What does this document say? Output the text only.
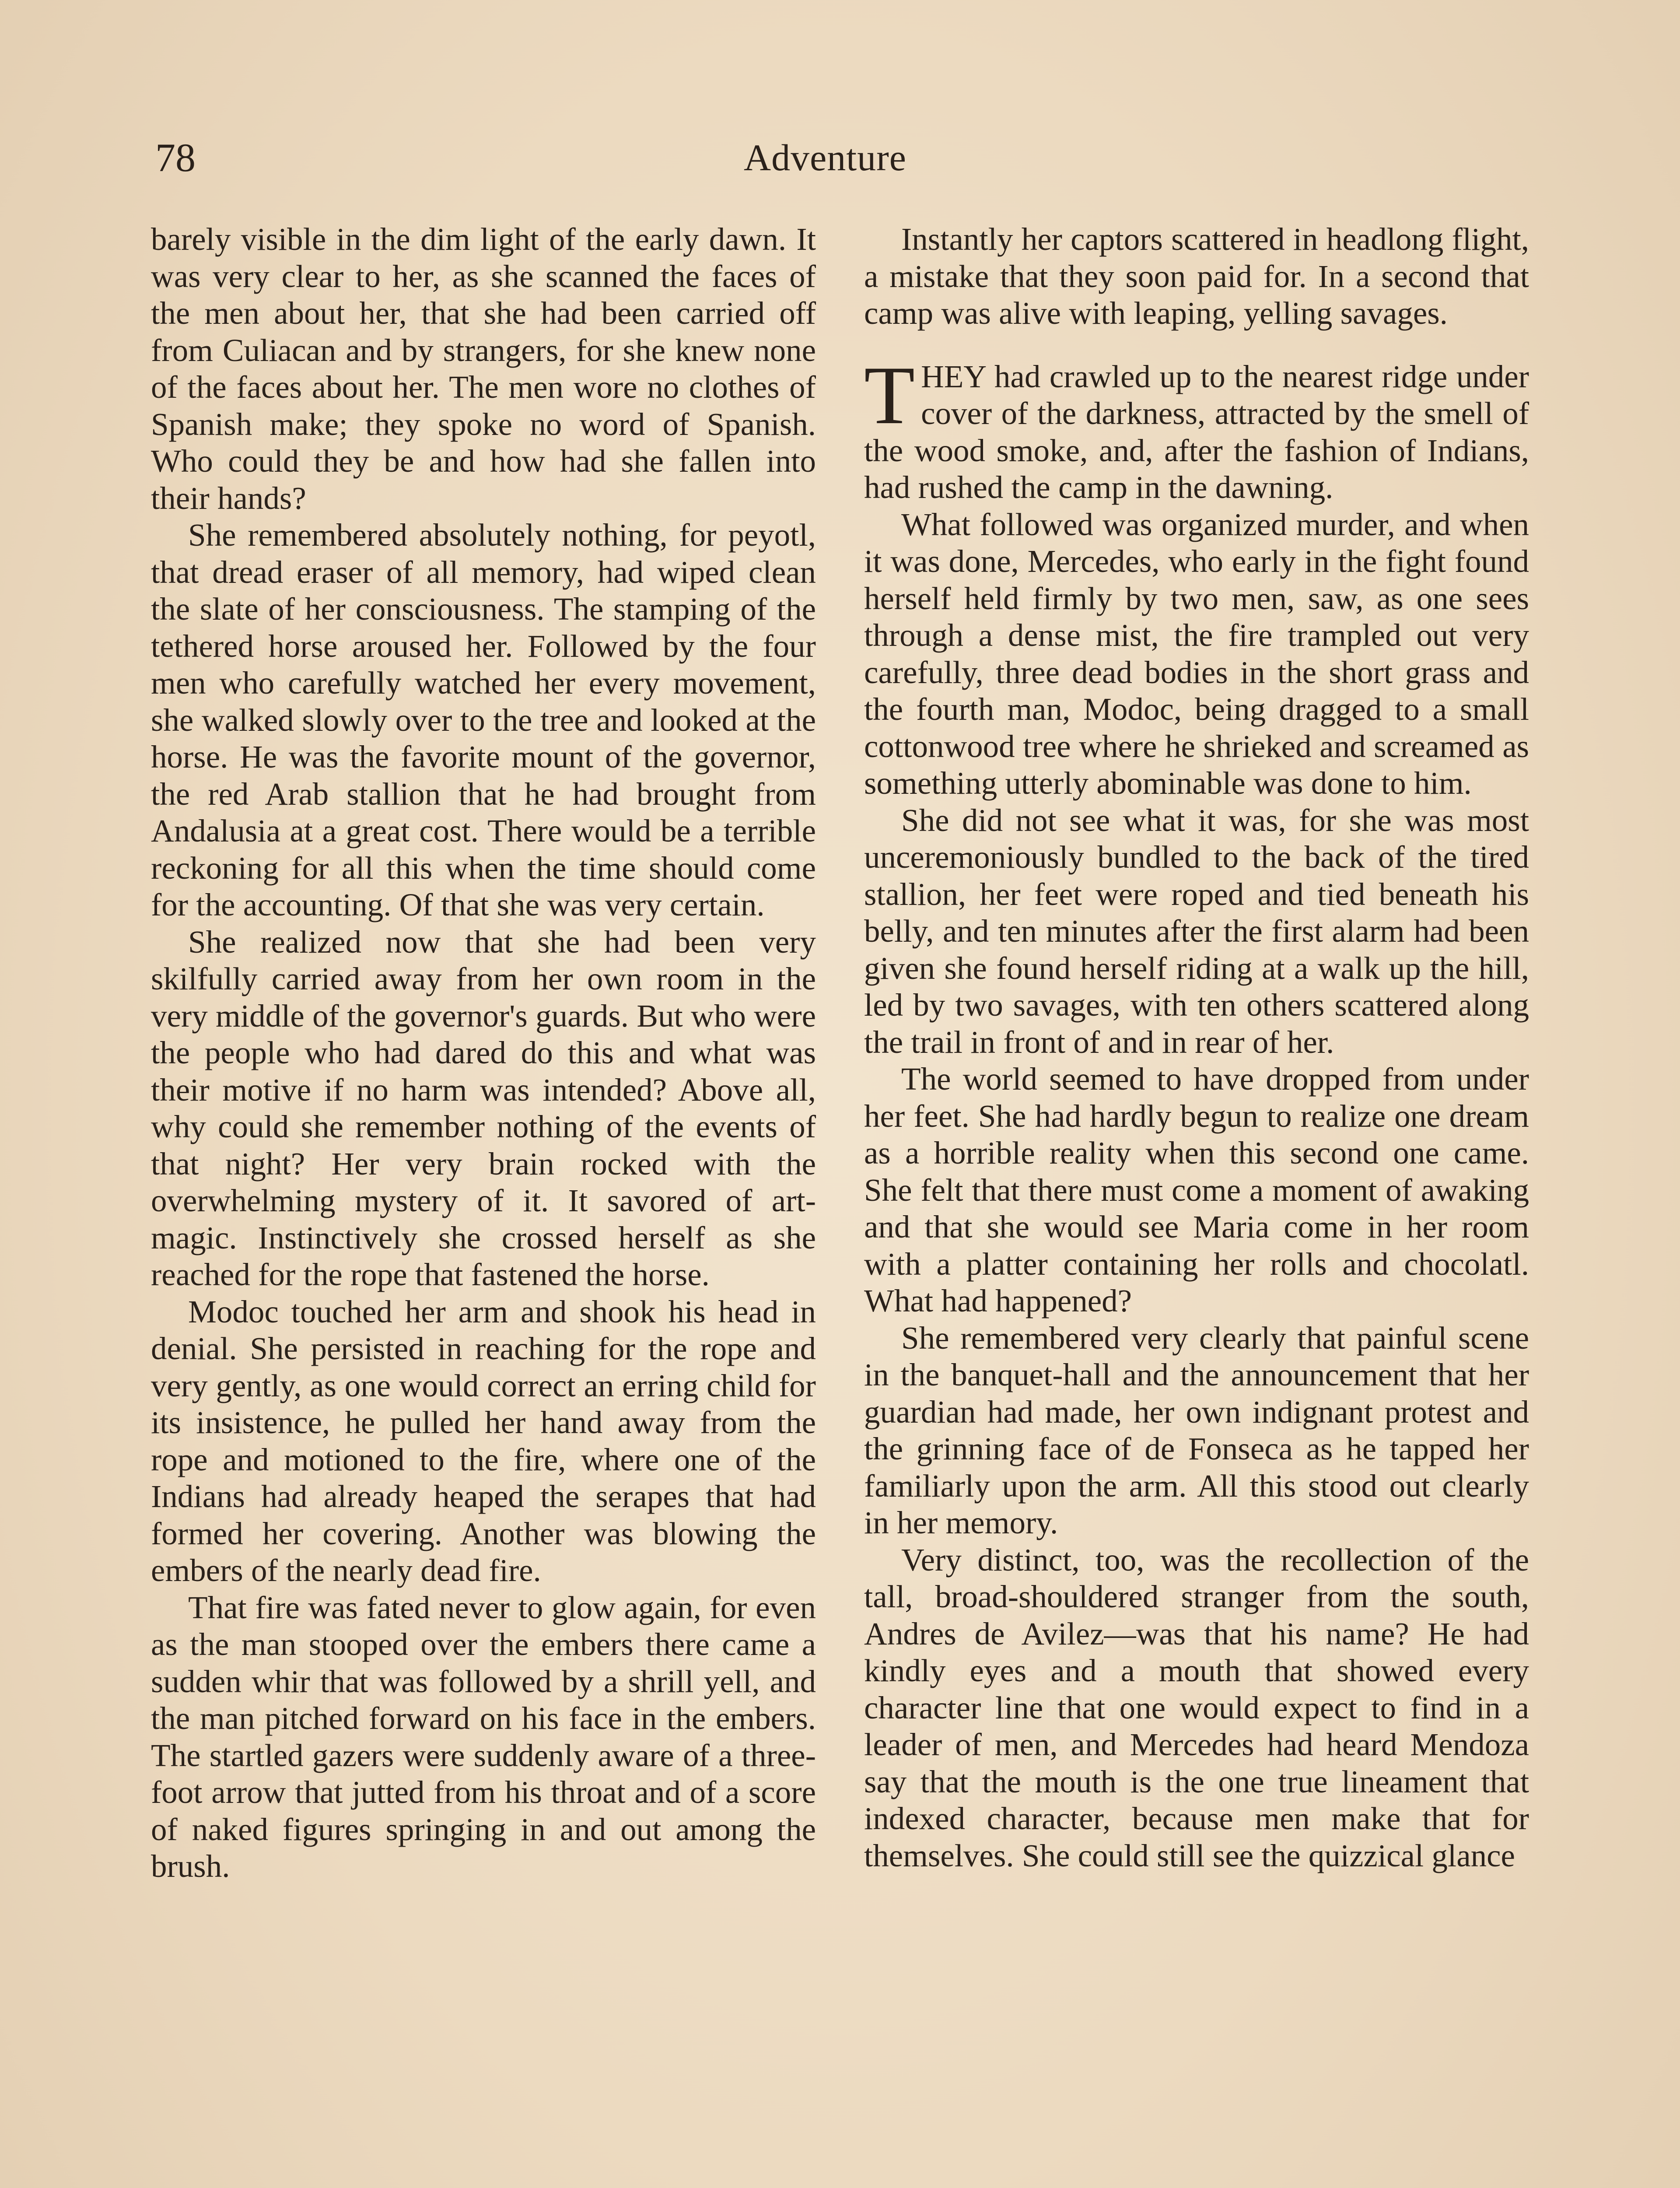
78	Adventure

barely visible in the dim light of the early dawn. It was very clear to her, as she scanned the faces of the men about her, that she had been carried off from Culiacan and by strangers, for she knew none of the faces about her. The men wore no clothes of Spanish make; they spoke no word of Spanish. Who could they be and how had she fallen into their hands?

She remembered absolutely nothing, for peyotl, that dread eraser of all memory, had wiped clean the slate of her consciousness. The stamping of the tethered horse aroused her. Followed by the four men who carefully watched her every movement, she walked slowly over to the tree and looked at the horse. He was the favorite mount of the governor, the red Arab stallion that he had brought from Andalusia at a great cost. There would be a terrible reckoning for all this when the time should come for the accounting. Of that she was very certain.

She realized now that she had been very skilfully carried away from her own room in the very middle of the governor's guards. But who were the people who had dared do this and what was their motive if no harm was intended? Above all, why could she remember nothing of the events of that night? Her very brain rocked with the overwhelming mystery of it. It savored of art-magic. Instinctively she crossed herself as she reached for the rope that fastened the horse.

Modoc touched her arm and shook his head in denial. She persisted in reaching for the rope and very gently, as one would correct an erring child for its insistence, he pulled her hand away from the rope and motioned to the fire, where one of the Indians had already heaped the serapes that had formed her covering. Another was blowing the embers of the nearly dead fire.

That fire was fated never to glow again, for even as the man stooped over the embers there came a sudden whir that was followed by a shrill yell, and the man pitched forward on his face in the embers. The startled gazers were suddenly aware of a three-foot arrow that jutted from his throat and of a score of naked figures springing in and out among the brush.

Instantly her captors scattered in headlong flight, a mistake that they soon paid for. In a second that camp was alive with leaping, yelling savages.

THEY had crawled up to the nearest ridge under cover of the darkness, attracted by the smell of the wood smoke, and, after the fashion of Indians, had rushed the camp in the dawning.

What followed was organized murder, and when it was done, Mercedes, who early in the fight found herself held firmly by two men, saw, as one sees through a dense mist, the fire trampled out very carefully, three dead bodies in the short grass and the fourth man, Modoc, being dragged to a small cottonwood tree where he shrieked and screamed as something utterly abominable was done to him.

She did not see what it was, for she was most unceremoniously bundled to the back of the tired stallion, her feet were roped and tied beneath his belly, and ten minutes after the first alarm had been given she found herself riding at a walk up the hill, led by two savages, with ten others scattered along the trail in front of and in rear of her.

The world seemed to have dropped from under her feet. She had hardly begun to realize one dream as a horrible reality when this second one came. She felt that there must come a moment of awaking and that she would see Maria come in her room with a platter containing her rolls and chocolatl. What had happened?

She remembered very clearly that painful scene in the banquet-hall and the announcement that her guardian had made, her own indignant protest and the grinning face of de Fonseca as he tapped her familiarly upon the arm. All this stood out clearly in her memory.

Very distinct, too, was the recollection of the tall, broad-shouldered stranger from the south, Andres de Avilez—was that his name? He had kindly eyes and a mouth that showed every character line that one would expect to find in a leader of men, and Mercedes had heard Mendoza say that the mouth is the one true lineament that indexed character, because men make that for themselves. She could still see the quizzical glance
